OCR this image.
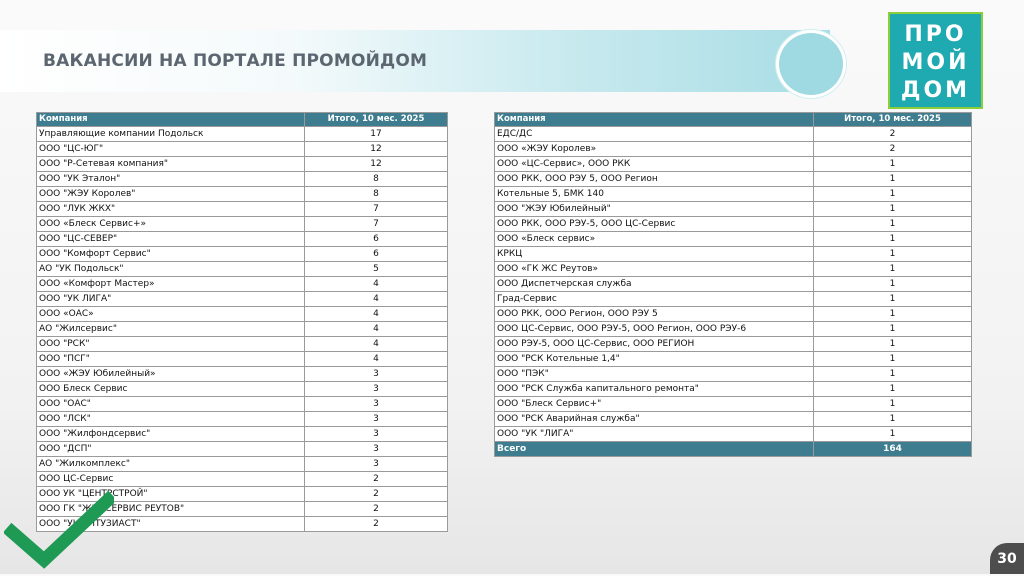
ВАКАНСИИ НА ПОРТАЛЕ ПРОМОЙДОМ
ПРО
МОЙ
ДОМ
Компания	Итого, 10 мес. 2025
Управляющие компании Подольск	17
ООО "ЦС-ЮГ"	12
ООО "Р-Сетевая компания"	12
ООО "УК Эталон"	8
ООО "ЖЭУ Королев"	8
ООО "ЛУК ЖКХ"	7
ООО «Блеск Сервис+»	7
ООО "ЦС-СЕВЕР"	6
ООО "Комфорт Сервис"	6
АО "УК Подольск"	5
ООО «Комфорт Мастер»	4
ООО "УК ЛИГА"	4
ООО «ОАС»	4
АО "Жилсервис"	4
ООО "РСК"	4
ООО "ПСГ"	4
ООО «ЖЭУ Юбилейный»	3
ООО Блеск Сервис	3
ООО "ОАС"	3
ООО "ЛСК"	3
ООО "Жилфондсервис"	3
ООО "ДСП"	3
АО "Жилкомплекс"	3
ООО ЦС-Сервис	2
ООО УК "ЦЕНТРСТРОЙ"	2
ООО ГК "ЖИЛСЕРВИС РЕУТОВ"	2
ООО "УК ЭНТУЗИАСТ"	2
Компания	Итого, 10 мес. 2025
ЕДС/ДС	2
ООО «ЖЭУ Королев»	2
ООО «ЦС-Сервис», ООО РКК	1
ООО РКК, ООО РЭУ 5, ООО Регион	1
Котельные 5, БМК 140	1
ООО "ЖЭУ Юбилейный"	1
ООО РКК, ООО РЭУ-5, ООО ЦС-Сервис	1
ООО «Блеск сервис»	1
КРКЦ	1
ООО «ГК ЖС Реутов»	1
ООО Диспетчерская служба	1
Град-Сервис	1
ООО РКК, ООО Регион, ООО РЭУ 5	1
ООО ЦС-Сервис, ООО РЭУ-5, ООО Регион, ООО РЭУ-6	1
ООО РЭУ-5, ООО ЦС-Сервис, ООО РЕГИОН	1
ООО "РСК Котельные 1,4"	1
ООО "ПЭК"	1
ООО "РСК Служба капитального ремонта"	1
ООО "Блеск Сервис+"	1
ООО "РСК Аварийная служба"	1
ООО "УК "ЛИГА"	1
Всего	164
30
